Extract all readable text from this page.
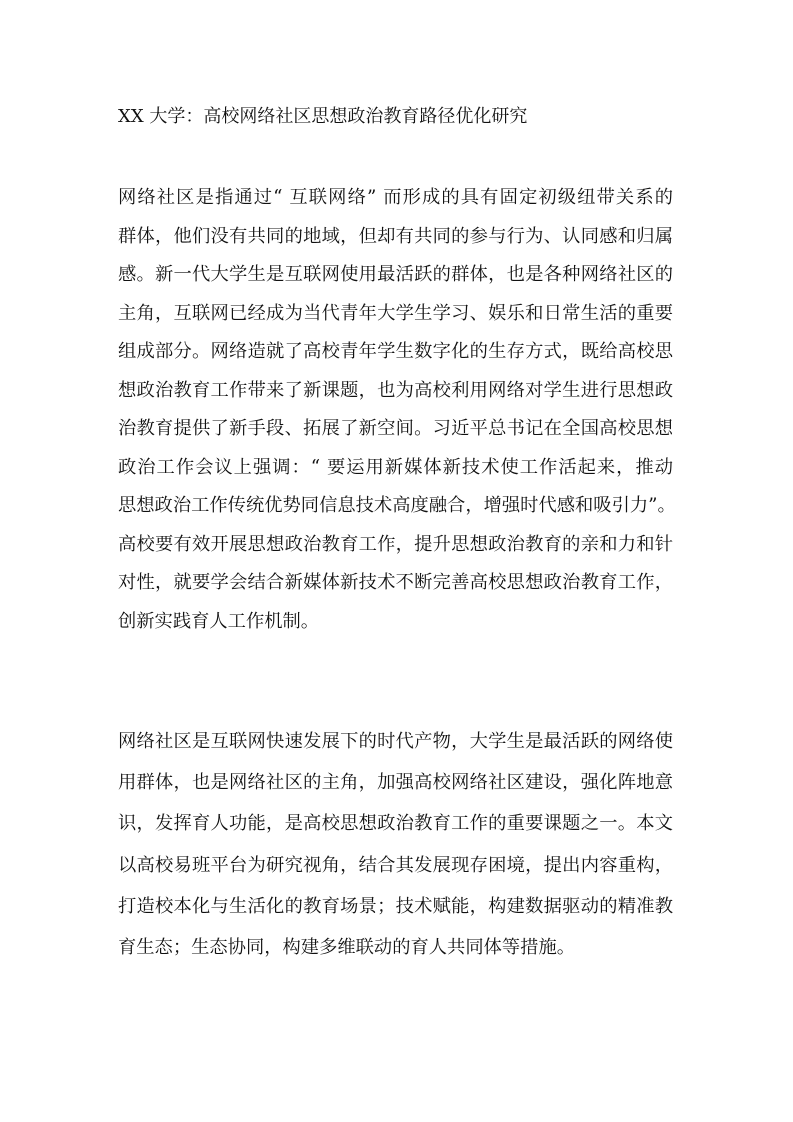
XX 大学：高校网络社区思想政治教育路径优化研究
网络社区是指通过“ 互联网络” 而形成的具有固定初级纽带关系的
群体，他们没有共同的地域，但却有共同的参与行为、认同感和归属
感。新一代大学生是互联网使用最活跃的群体，也是各种网络社区的
主角，互联网已经成为当代青年大学生学习、娱乐和日常生活的重要
组成部分。网络造就了高校青年学生数字化的生存方式，既给高校思
想政治教育工作带来了新课题，也为高校利用网络对学生进行思想政
治教育提供了新手段、拓展了新空间。习近平总书记在全国高校思想
政治工作会议上强调：“ 要运用新媒体新技术使工作活起来，推动
思想政治工作传统优势同信息技术高度融合，增强时代感和吸引力”。
高校要有效开展思想政治教育工作，提升思想政治教育的亲和力和针
对性，就要学会结合新媒体新技术不断完善高校思想政治教育工作，
创新实践育人工作机制。
网络社区是互联网快速发展下的时代产物，大学生是最活跃的网络使
用群体，也是网络社区的主角，加强高校网络社区建设，强化阵地意
识，发挥育人功能，是高校思想政治教育工作的重要课题之一。本文
以高校易班平台为研究视角，结合其发展现存困境，提出内容重构，
打造校本化与生活化的教育场景；技术赋能，构建数据驱动的精准教
育生态；生态协同，构建多维联动的育人共同体等措施。
